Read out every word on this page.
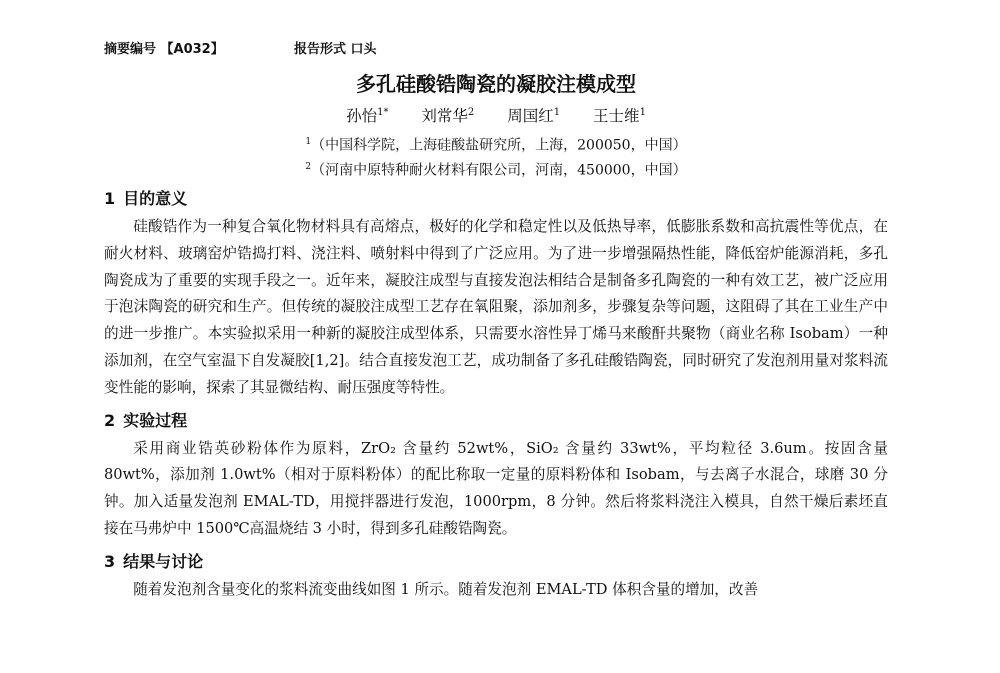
摘要编号 【A032】	报告形式 口头
多孔硅酸锆陶瓷的凝胶注模成型
孙怡$^{1*}$ 刘常华$^2$ 周国红$^1$ 王士维$^1$
$^1$（中国科学院，上海硅酸盐研究所，上海，200050，中国）
$^2$（河南中原特种耐火材料有限公司，河南，450000，中国）
1 目的意义

硅酸锆作为一种复合氧化物材料具有高熔点，极好的化学和稳定性以及低热导率，低膨胀系数和高抗震性等优点，在耐火材料、玻璃窑炉锆捣打料、浇注料、喷射料中得到了广泛应用。为了进一步增强隔热性能，降低窑炉能源消耗，多孔陶瓷成为了重要的实现手段之一。近年来，凝胶注成型与直接发泡法相结合是制备多孔陶瓷的一种有效工艺，被广泛应用于泡沫陶瓷的研究和生产。但传统的凝胶注成型工艺存在氧阻聚，添加剂多，步骤复杂等问题，这阻碍了其在工业生产中的进一步推广。本实验拟采用一种新的凝胶注成型体系，只需要水溶性异丁烯马来酸酐共聚物（商业名称 Isobam）一种添加剂，在空气室温下自发凝胶[1,2]。结合直接发泡工艺，成功制备了多孔硅酸锆陶瓷，同时研究了发泡剂用量对浆料流变性能的影响，探索了其显微结构、耐压强度等特性。

2 实验过程

采用商业锆英砂粉体作为原料，ZrO₂ 含量约 52wt%，SiO₂ 含量约 33wt%，平均粒径 3.6um。按固含量 80wt%，添加剂 1.0wt%（相对于原料粉体）的配比称取一定量的原料粉体和 Isobam，与去离子水混合，球磨 30 分钟。加入适量发泡剂 EMAL-TD，用搅拌器进行发泡，1000rpm，8 分钟。然后将浆料浇注入模具，自然干燥后素坯直接在马弗炉中 1500℃高温烧结 3 小时，得到多孔硅酸锆陶瓷。

3 结果与讨论

随着发泡剂含量变化的浆料流变曲线如图 1 所示。随着发泡剂 EMAL-TD 体积含量的增加，改善
